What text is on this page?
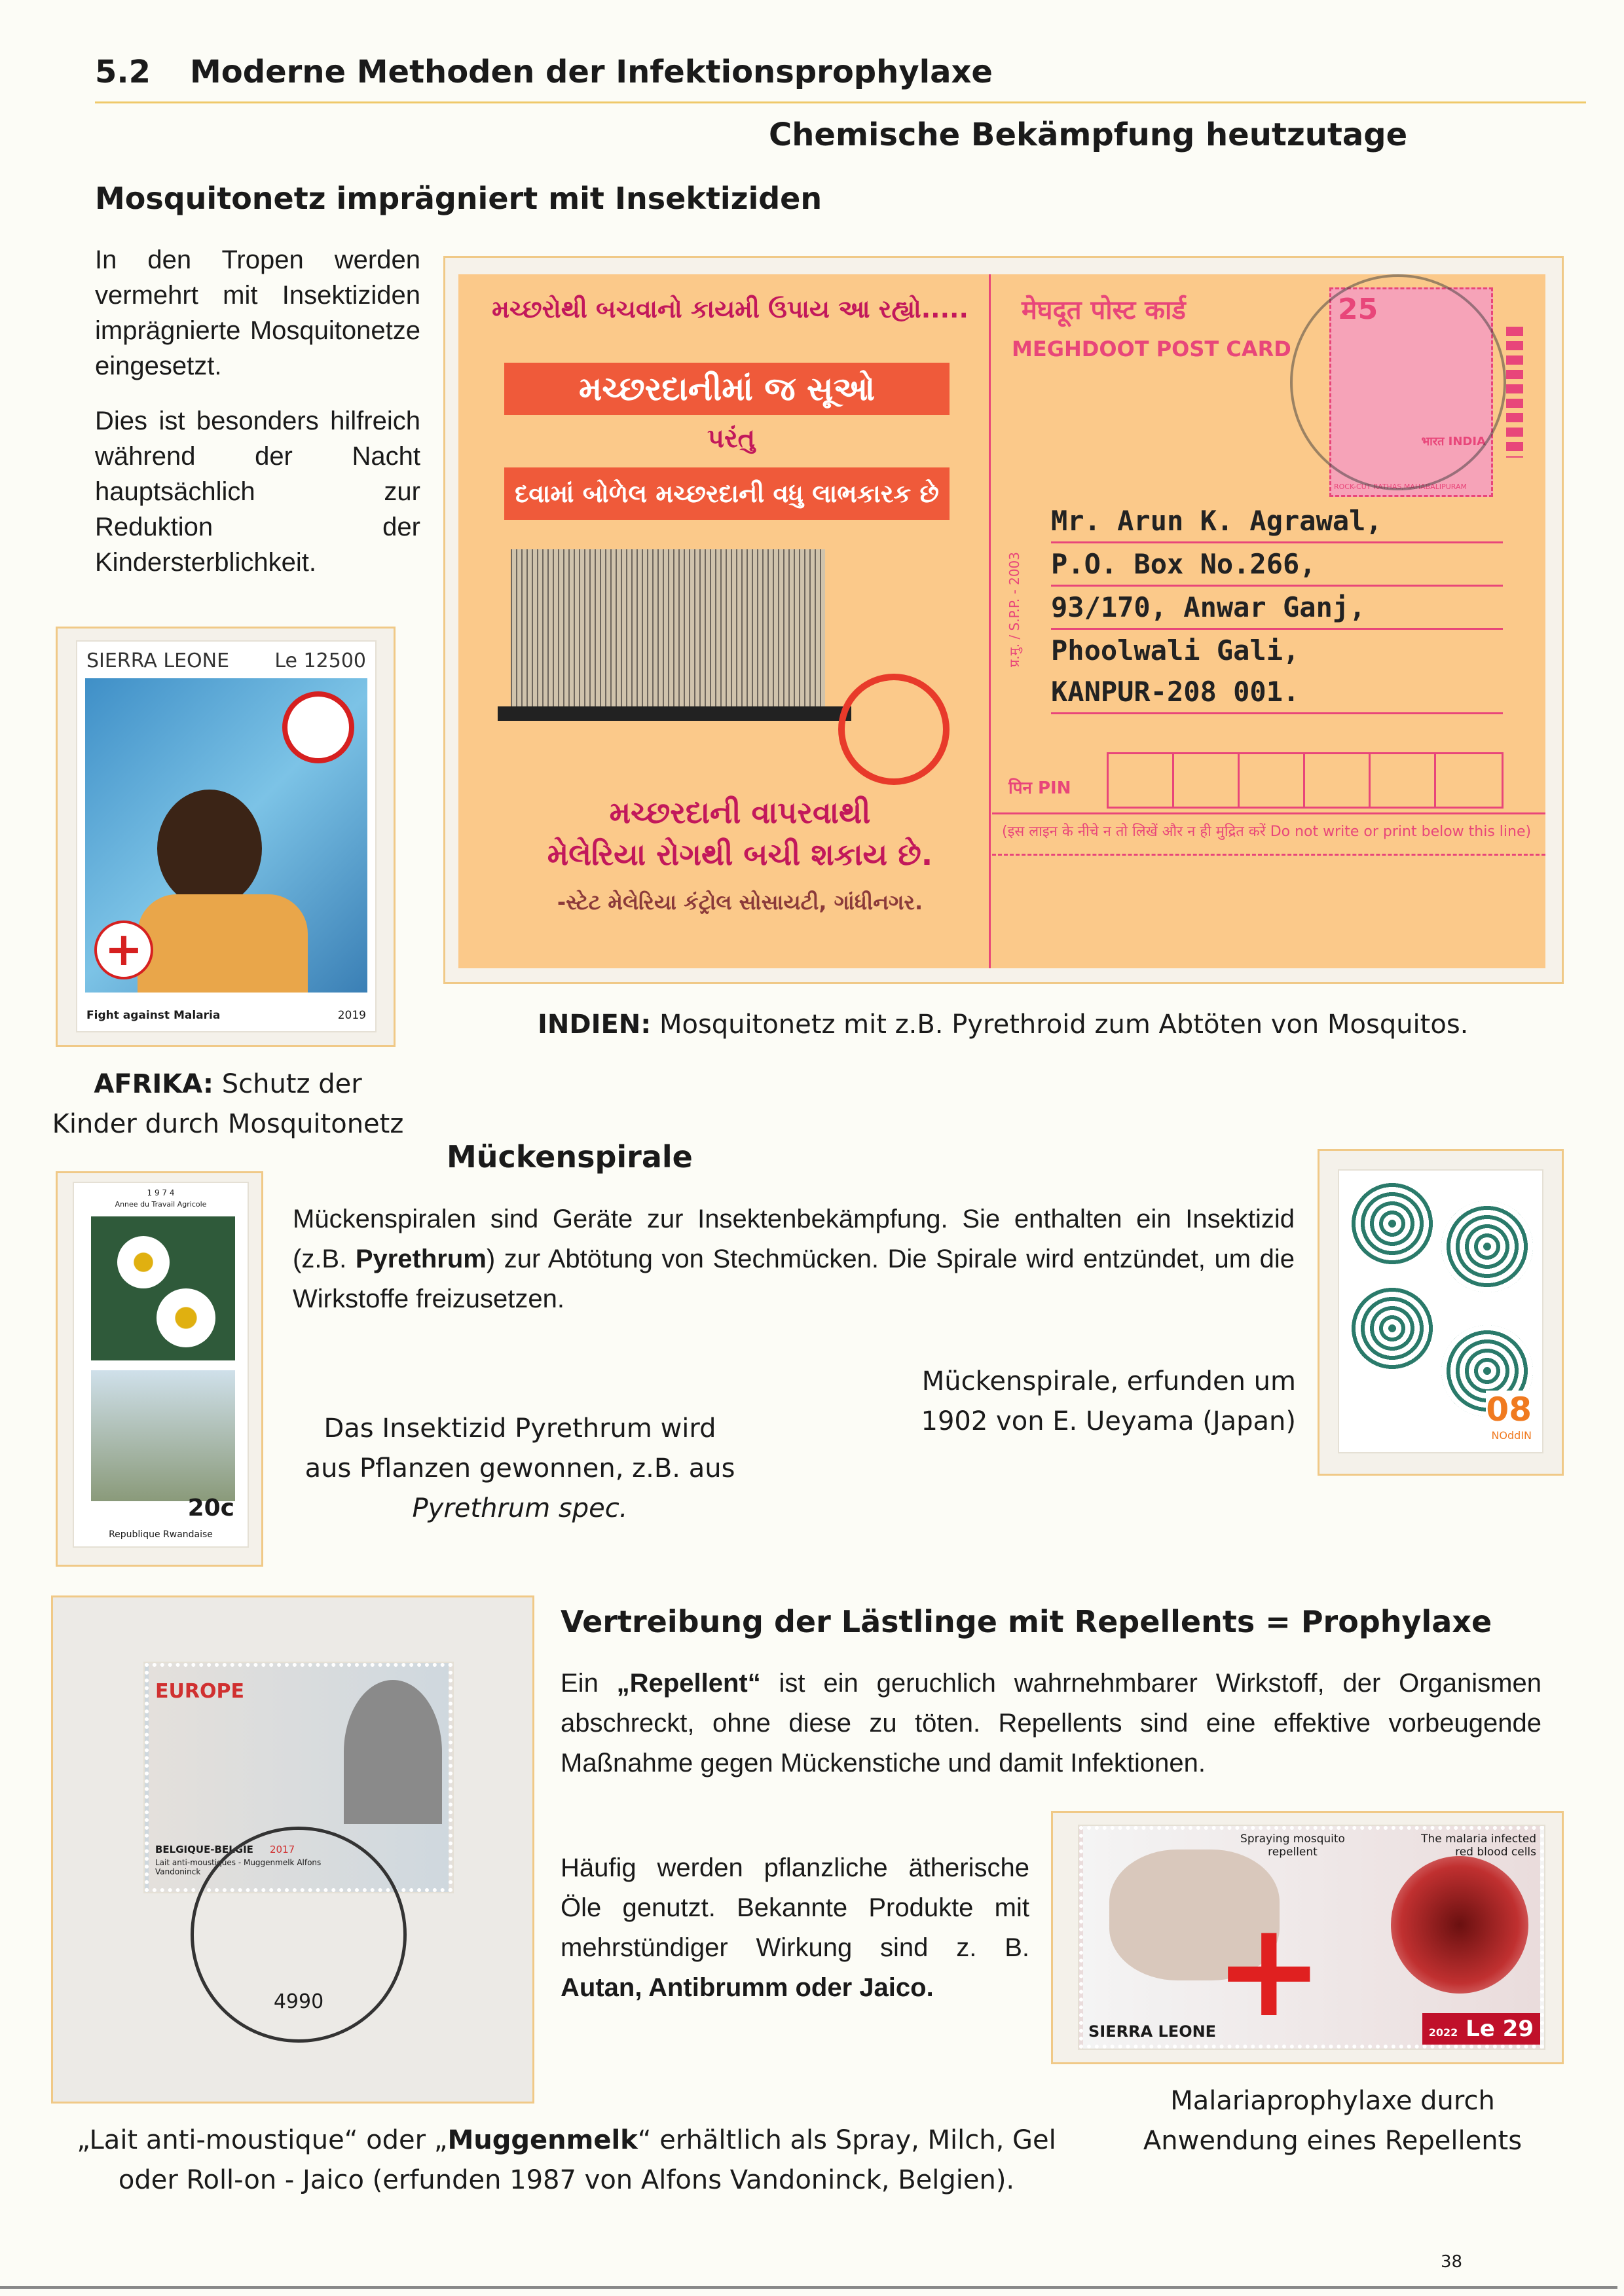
5.2 Moderne Methoden der Infektionsprophylaxe
Chemische Bekämpfung heutzutage
Mosquitonetz imprägniert mit Insektiziden
In den Tropen werden vermehrt mit Insektiziden imprägnierte Mosquitonetze eingesetzt.
Dies ist besonders hilfreich während der Nacht hauptsächlich zur Reduktion der Kindersterblichkeit.
SIERRA LEONE Le 12500
+
Fight against Malaria	2019
AFRIKA: Schutz der Kinder durch Mosquitonetz
મચ્છરોથી બચવાનો કાયમી ઉપાય આ રહ્યો.....
મચ્છરદાનીમાં જ સૂઓ
પરંતુ
દવામાં બોળેલ મચ્છરદાની વધુ લાભકારક છે
મચ્છરદાની વાપરવાથી
મેલેરિયા રોગથી બચી શકાય છે.
-સ્ટેટ મેલેરિયા કંટ્રોલ સોસાયટી, ગાંધીનગર.
मेघदूत पोस्ट कार्ड
MEGHDOOT POST CARD
25
भारत INDIA
ROCK-CUT RATHAS,MAHABALIPURAM
प्र.मु. / S.P.P. - 2003
Mr. Arun K. Agrawal,
P.O. Box No.266,
93/170, Anwar Ganj,
Phoolwali Gali,
KANPUR-208 001.
पिन PIN
(इस लाइन के नीचे न तो लिखें और न ही मुद्रित करें Do not write or print below this line)
INDIEN: Mosquitonetz mit z.B. Pyrethroid zum Abtöten von Mosquitos.
Mückenspirale
1 9 7 4
Annee du Travail Agricole
20c
Republique Rwandaise
Mückenspiralen sind Geräte zur Insektenbekämpfung. Sie enthalten ein Insektizid (z.B. Pyrethrum) zur Abtötung von Stechmücken. Die Spirale wird entzündet, um die Wirkstoffe freizusetzen.
Mückenspirale, erfunden um 1902 von E. Ueyama (Japan)
Das Insektizid Pyrethrum wird aus Pflanzen gewonnen, z.B. aus
Pyrethrum spec.
08
NOddIN
EUROPE
BELGIQUE-BELGIE 2017
Lait anti-moustiques - Muggenmelk Alfons Vandoninck
4990
Vertreibung der Lästlinge mit Repellents = Prophylaxe
Ein „Repellent“ ist ein geruchlich wahrnehmbarer Wirkstoff, der Organismen abschreckt, ohne diese zu töten. Repellents sind eine effektive vorbeugende Maßnahme gegen Mückenstiche und damit Infektionen.
Häufig werden pflanzliche ätherische Öle genutzt. Bekannte Produkte mit mehrstündiger Wirkung sind z. B. Autan, Antibrumm oder Jaico.	+
Spraying mosquito repellent
The malaria infected red blood cells
SIERRA LEONE	2022 Le 29
Malariaprophylaxe durch Anwendung eines Repellents
„Lait anti-moustique“ oder „Muggenmelk“ erhältlich als Spray, Milch, Gel oder Roll-on - Jaico (erfunden 1987 von Alfons Vandoninck, Belgien).
38
